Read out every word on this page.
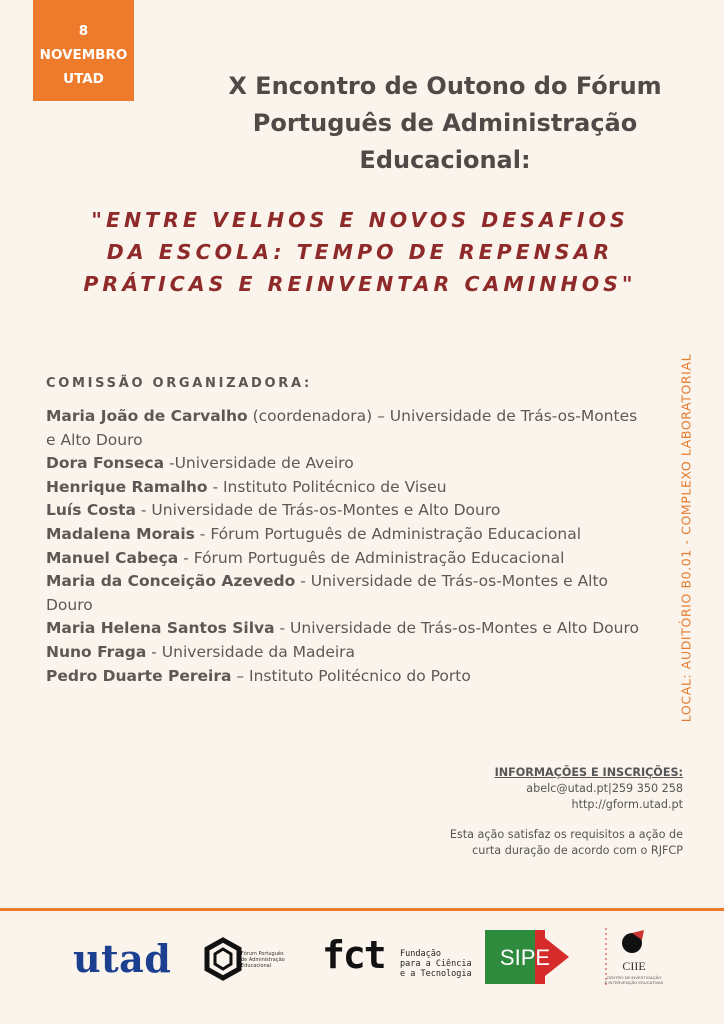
8
NOVEMBRO
UTAD	X Encontro de Outono do Fórum
Português de Administração
Educacional:
"ENTRE VELHOS E NOVOS DESAFIOS
DA ESCOLA: TEMPO DE REPENSAR
PRÁTICAS E REINVENTAR CAMINHOS"
COMISSÃO ORGANIZADORA:
Maria João de Carvalho (coordenadora) – Universidade de Trás-os-Montes e Alto Douro
Dora Fonseca -Universidade de Aveiro
Henrique Ramalho - Instituto Politécnico de Viseu
Luís Costa - Universidade de Trás-os-Montes e Alto Douro
Madalena Morais - Fórum Português de Administração Educacional
Manuel Cabeça - Fórum Português de Administração Educacional
Maria da Conceição Azevedo - Universidade de Trás-os-Montes e Alto Douro
Maria Helena Santos Silva - Universidade de Trás-os-Montes e Alto Douro
Nuno Fraga - Universidade da Madeira
Pedro Duarte Pereira – Instituto Politécnico do Porto	LOCAL: AUDITÓRIO B0.01 - COMPLEXO LABORATORIAL
INFORMAÇÕES E INSCRIÇÕES:
abelc@utad.pt|259 350 258
http://gform.utad.pt
Esta ação satisfaz os requisitos a ação de
curta duração de acordo com o RJFCP
utad	Fórum Português
de Administração Educacional	fct Fundação
para a Ciência
e a Tecnologia
SIPE	CIIE
CENTRO DE INVESTIGAÇÃO
E INTERVENÇÃO EDUCATIVAS
